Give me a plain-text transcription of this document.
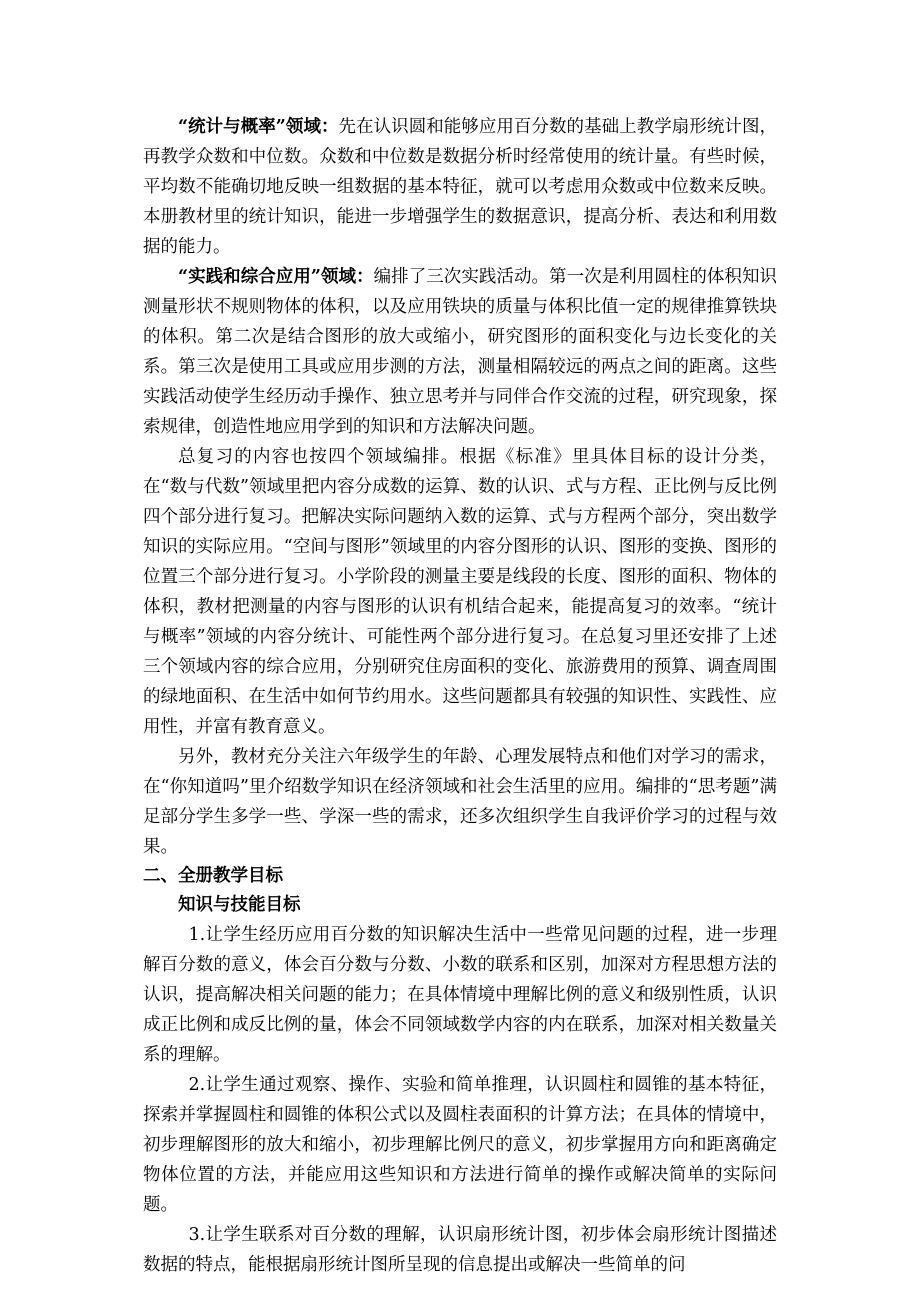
“统计与概率”领域：先在认识圆和能够应用百分数的基础上教学扇形统计图，再教学众数和中位数。众数和中位数是数据分析时经常使用的统计量。有些时候，平均数不能确切地反映一组数据的基本特征，就可以考虑用众数或中位数来反映。本册教材里的统计知识，能进一步增强学生的数据意识，提高分析、表达和利用数据的能力。

“实践和综合应用”领域：编排了三次实践活动。第一次是利用圆柱的体积知识测量形状不规则物体的体积，以及应用铁块的质量与体积比值一定的规律推算铁块的体积。第二次是结合图形的放大或缩小，研究图形的面积变化与边长变化的关系。第三次是使用工具或应用步测的方法，测量相隔较远的两点之间的距离。这些实践活动使学生经历动手操作、独立思考并与同伴合作交流的过程，研究现象，探索规律，创造性地应用学到的知识和方法解决问题。

总复习的内容也按四个领域编排。根据《标准》里具体目标的设计分类，在“数与代数”领域里把内容分成数的运算、数的认识、式与方程、正比例与反比例四个部分进行复习。把解决实际问题纳入数的运算、式与方程两个部分，突出数学知识的实际应用。“空间与图形”领域里的内容分图形的认识、图形的变换、图形的位置三个部分进行复习。小学阶段的测量主要是线段的长度、图形的面积、物体的体积，教材把测量的内容与图形的认识有机结合起来，能提高复习的效率。“统计与概率”领域的内容分统计、可能性两个部分进行复习。在总复习里还安排了上述三个领域内容的综合应用，分别研究住房面积的变化、旅游费用的预算、调查周围的绿地面积、在生活中如何节约用水。这些问题都具有较强的知识性、实践性、应用性，并富有教育意义。

另外，教材充分关注六年级学生的年龄、心理发展特点和他们对学习的需求，在“你知道吗”里介绍数学知识在经济领域和社会生活里的应用。编排的“思考题”满足部分学生多学一些、学深一些的需求，还多次组织学生自我评价学习的过程与效果。

二、全册教学目标

知识与技能目标

1.让学生经历应用百分数的知识解决生活中一些常见问题的过程，进一步理解百分数的意义，体会百分数与分数、小数的联系和区别，加深对方程思想方法的认识，提高解决相关问题的能力；在具体情境中理解比例的意义和级别性质，认识成正比例和成反比例的量，体会不同领域数学内容的内在联系，加深对相关数量关系的理解。

2.让学生通过观察、操作、实验和简单推理，认识圆柱和圆锥的基本特征，探索并掌握圆柱和圆锥的体积公式以及圆柱表面积的计算方法；在具体的情境中，初步理解图形的放大和缩小，初步理解比例尺的意义，初步掌握用方向和距离确定物体位置的方法，并能应用这些知识和方法进行简单的操作或解决简单的实际问题。

3.让学生联系对百分数的理解，认识扇形统计图，初步体会扇形统计图描述数据的特点，能根据扇形统计图所呈现的信息提出或解决一些简单的问
